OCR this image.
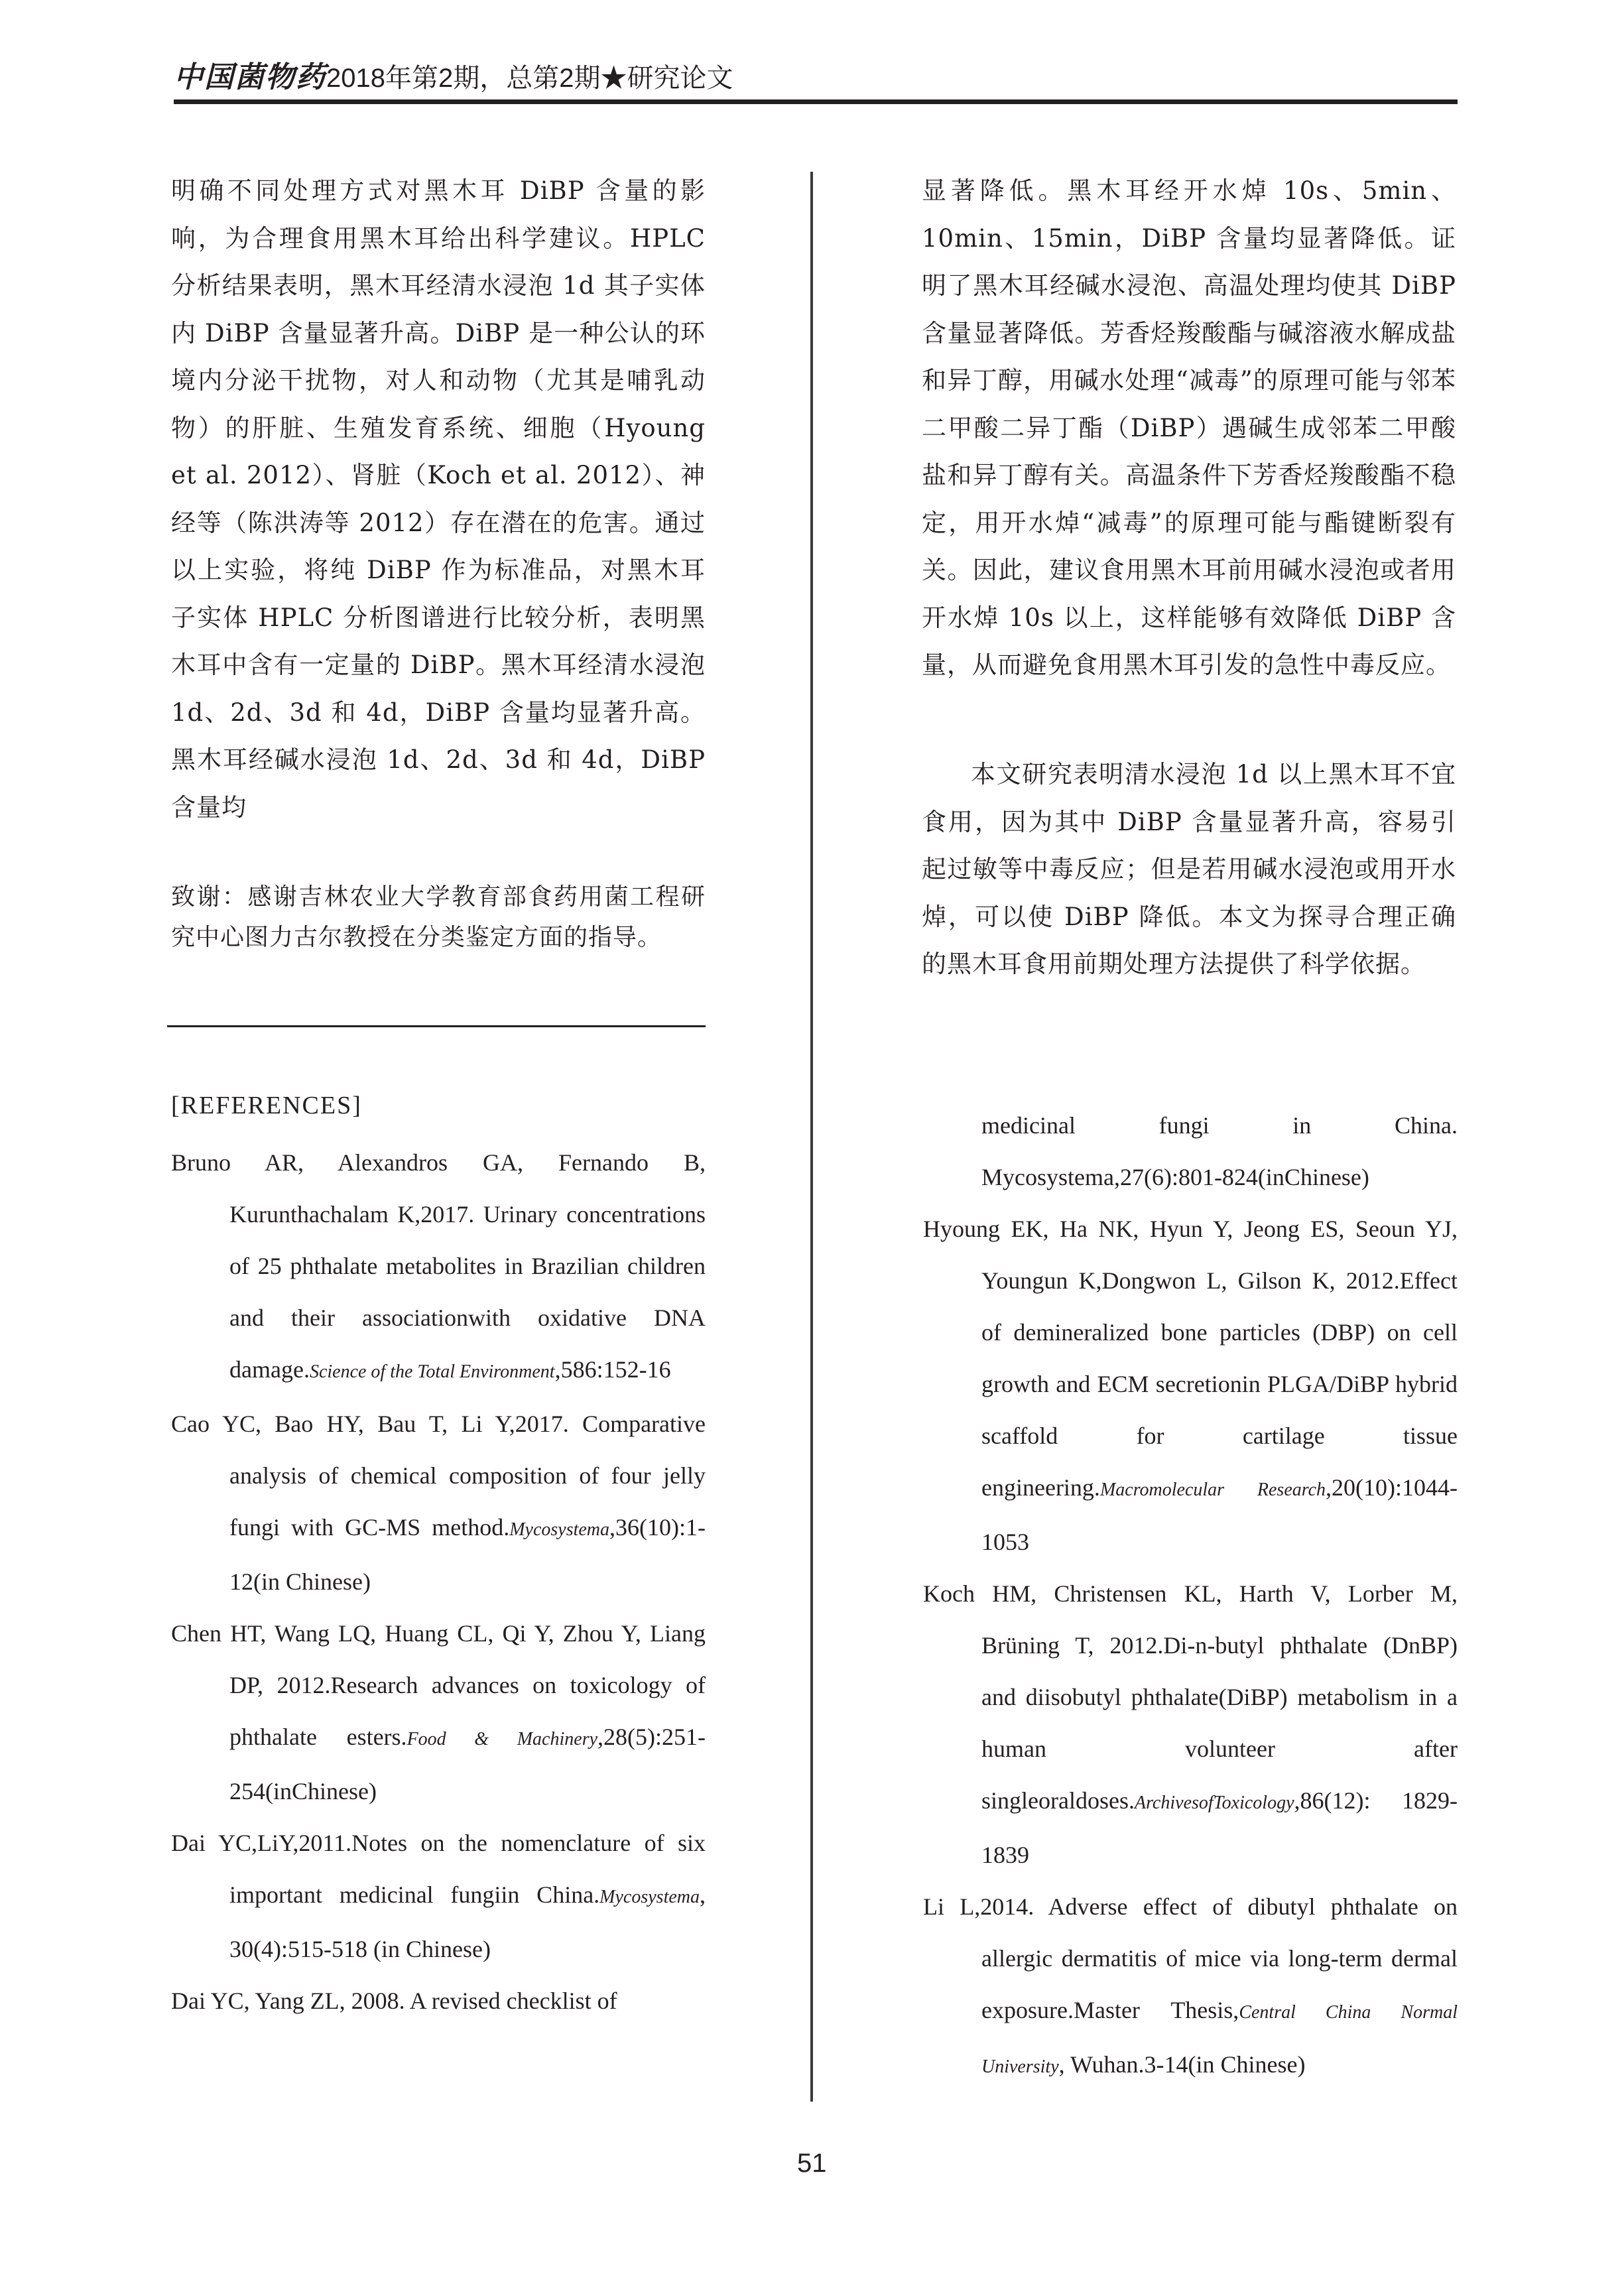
中国菌物药2018年第2期，总第2期★研究论文

明确不同处理方式对黑木耳 DiBP 含量的影响，为合理食用黑木耳给出科学建议。HPLC 分析结果表明，黑木耳经清水浸泡 1d 其子实体内 DiBP 含量显著升高。DiBP 是一种公认的环境内分泌干扰物，对人和动物（尤其是哺乳动物）的肝脏、生殖发育系统、细胞（Hyoung et al. 2012）、肾脏（Koch et al. 2012）、神经等（陈洪涛等 2012）存在潜在的危害。通过以上实验，将纯 DiBP 作为标准品，对黑木耳子实体 HPLC 分析图谱进行比较分析，表明黑木耳中含有一定量的 DiBP。黑木耳经清水浸泡 1d、2d、3d 和 4d，DiBP 含量均显著升高。黑木耳经碱水浸泡 1d、2d、3d 和 4d，DiBP含量均

致谢：感谢吉林农业大学教育部食药用菌工程研究中心图力古尔教授在分类鉴定方面的指导。

显著降低。黑木耳经开水焯 10s、5min、10min、15min，DiBP 含量均显著降低。证明了黑木耳经碱水浸泡、高温处理均使其 DiBP 含量显著降低。芳香烃羧酸酯与碱溶液水解成盐和异丁醇，用碱水处理“减毒”的原理可能与邻苯二甲酸二异丁酯（DiBP）遇碱生成邻苯二甲酸盐和异丁醇有关。高温条件下芳香烃羧酸酯不稳定，用开水焯“减毒”的原理可能与酯键断裂有关。因此，建议食用黑木耳前用碱水浸泡或者用开水焯 10s 以上，这样能够有效降低 DiBP 含量，从而避免食用黑木耳引发的急性中毒反应。

本文研究表明清水浸泡 1d 以上黑木耳不宜食用，因为其中 DiBP 含量显著升高，容易引起过敏等中毒反应；但是若用碱水浸泡或用开水焯，可以使 DiBP 降低。本文为探寻合理正确的黑木耳食用前期处理方法提供了科学依据。

[REFERENCES]

Bruno AR, Alexandros GA, Fernando B, Kurunthachalam K,2017. Urinary concentrations of 25 phthalate metabolites in Brazilian children and their associationwith oxidative DNA damage.Science of the Total Environment,586:152-16

Cao YC, Bao HY, Bau T, Li Y,2017. Comparative analysis of chemical composition of four jelly fungi with GC-MS method.Mycosystema,36(10):1-12(in Chinese)

Chen HT, Wang LQ, Huang CL, Qi Y, Zhou Y, Liang DP, 2012.Research advances on toxicology of phthalate esters.Food & Machinery,28(5):251-254(inChinese)

Dai YC,LiY,2011.Notes on the nomenclature of six important medicinal fungiin China.Mycosystema, 30(4):515-518 (in Chinese)

Dai YC, Yang ZL, 2008. A revised checklist of

medicinal fungi in China. Mycosystema,27(6):801-824(inChinese)

Hyoung EK, Ha NK, Hyun Y, Jeong ES, Seoun YJ, Youngun K,Dongwon L, Gilson K, 2012.Effect of demineralized bone particles (DBP) on cell growth and ECM secretionin PLGA/DiBP hybrid scaffold for cartilage tissue engineering.Macromolecular Research,20(10):1044-1053

Koch HM, Christensen KL, Harth V, Lorber M, Brüning T, 2012.Di-n-butyl phthalate (DnBP) and diisobutyl phthalate(DiBP) metabolism in a human volunteer after singleoraldoses.ArchivesofToxicology,86(12): 1829-1839

Li L,2014. Adverse effect of dibutyl phthalate on allergic dermatitis of mice via long-term dermal exposure.Master Thesis,Central China Normal University, Wuhan.3-14(in Chinese)

51
